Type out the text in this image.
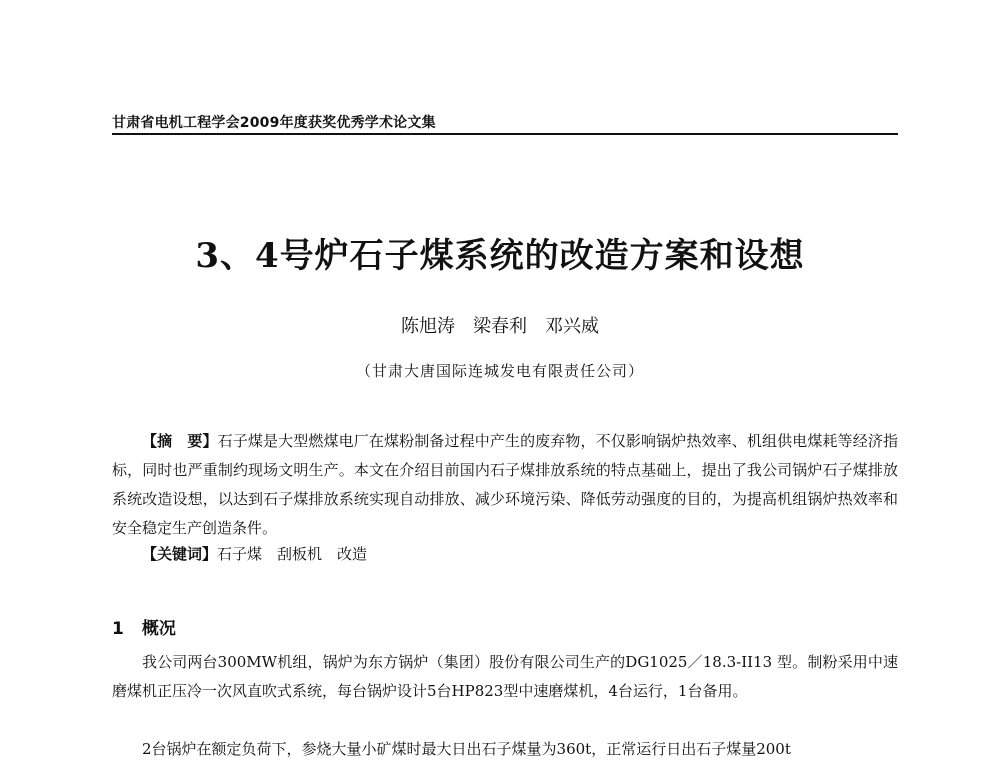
甘肃省电机工程学会2009年度获奖优秀学术论文集
3、4号炉石子煤系统的改造方案和设想
陈旭涛　梁春利　邓兴威
（甘肃大唐国际连城发电有限责任公司）

【摘　要】石子煤是大型燃煤电厂在煤粉制备过程中产生的废弃物，不仅影响锅炉热效率、机组供电煤耗等经济指标，同时也严重制约现场文明生产。本文在介绍目前国内石子煤排放系统的特点基础上，提出了我公司锅炉石子煤排放系统改造设想，以达到石子煤排放系统实现自动排放、减少环境污染、降低劳动强度的目的，为提高机组锅炉热效率和安全稳定生产创造条件。

【关键词】石子煤　刮板机　改造
1 概况

我公司两台300MW机组，锅炉为东方锅炉（集团）股份有限公司生产的DG1025／18.3-II13 型。制粉采用中速磨煤机正压冷一次风直吹式系统，每台锅炉设计5台HP823型中速磨煤机，4台运行，1台备用。

2台锅炉在额定负荷下，参烧大量小矿煤时最大日出石子煤量为360t，正常运行日出石子煤量200t
